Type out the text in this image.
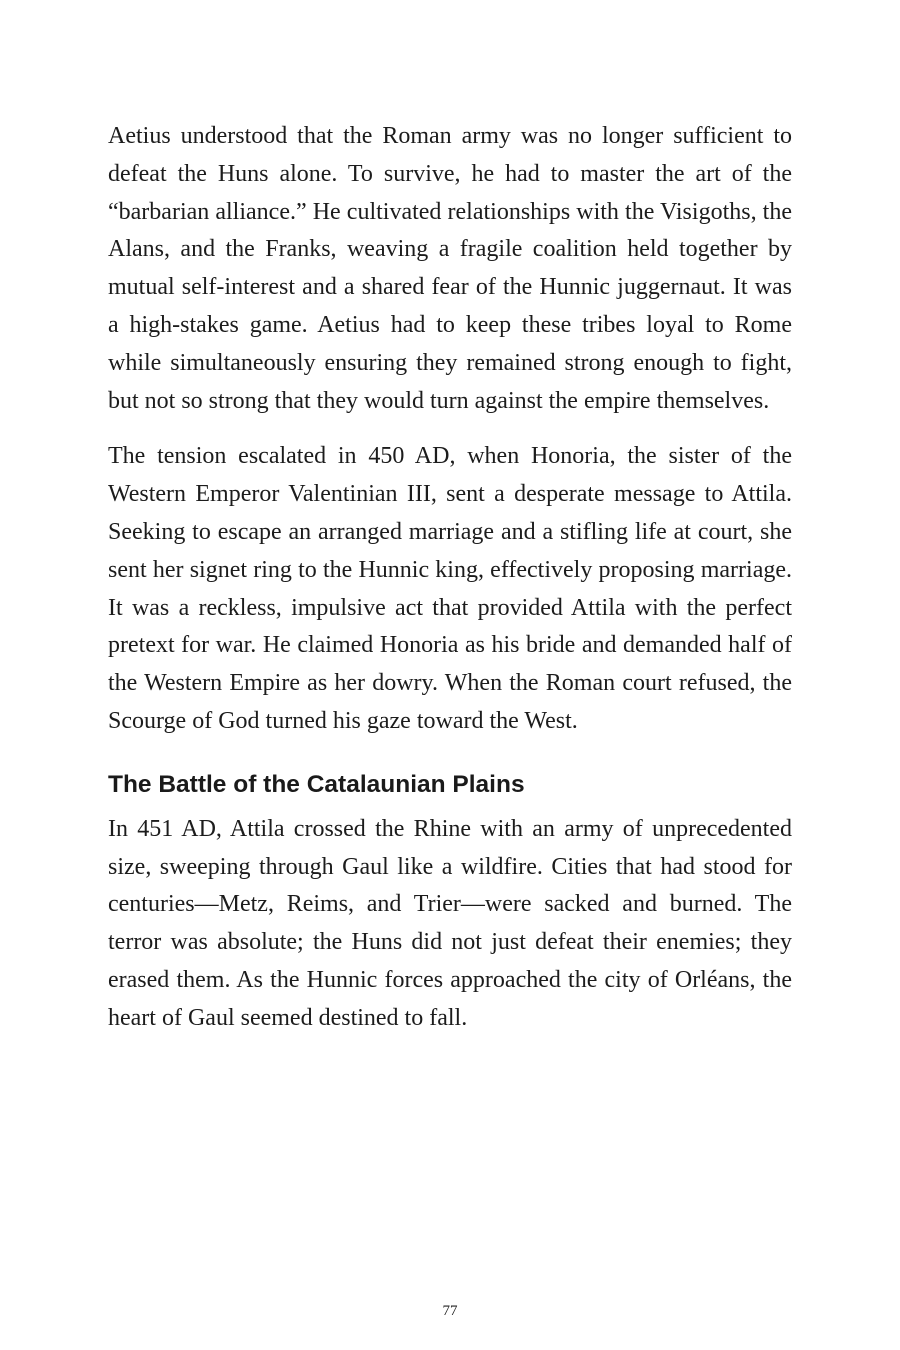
Aetius understood that the Roman army was no longer sufficient to defeat the Huns alone. To survive, he had to master the art of the “barbarian alliance.” He cultivated relationships with the Visigoths, the Alans, and the Franks, weaving a fragile coalition held together by mutual self-interest and a shared fear of the Hunnic juggernaut. It was a high-stakes game. Aetius had to keep these tribes loyal to Rome while simultaneously ensuring they remained strong enough to fight, but not so strong that they would turn against the empire themselves.

The tension escalated in 450 AD, when Honoria, the sister of the Western Emperor Valentinian III, sent a desperate message to Attila. Seeking to escape an arranged marriage and a stifling life at court, she sent her signet ring to the Hunnic king, effectively proposing marriage. It was a reckless, impulsive act that provided Attila with the perfect pretext for war. He claimed Honoria as his bride and demanded half of the Western Empire as her dowry. When the Roman court refused, the Scourge of God turned his gaze toward the West.

The Battle of the Catalaunian Plains

In 451 AD, Attila crossed the Rhine with an army of unprecedented size, sweeping through Gaul like a wildfire. Cities that had stood for centuries—Metz, Reims, and Trier—were sacked and burned. The terror was absolute; the Huns did not just defeat their enemies; they erased them. As the Hunnic forces approached the city of Orléans, the heart of Gaul seemed destined to fall.

77
